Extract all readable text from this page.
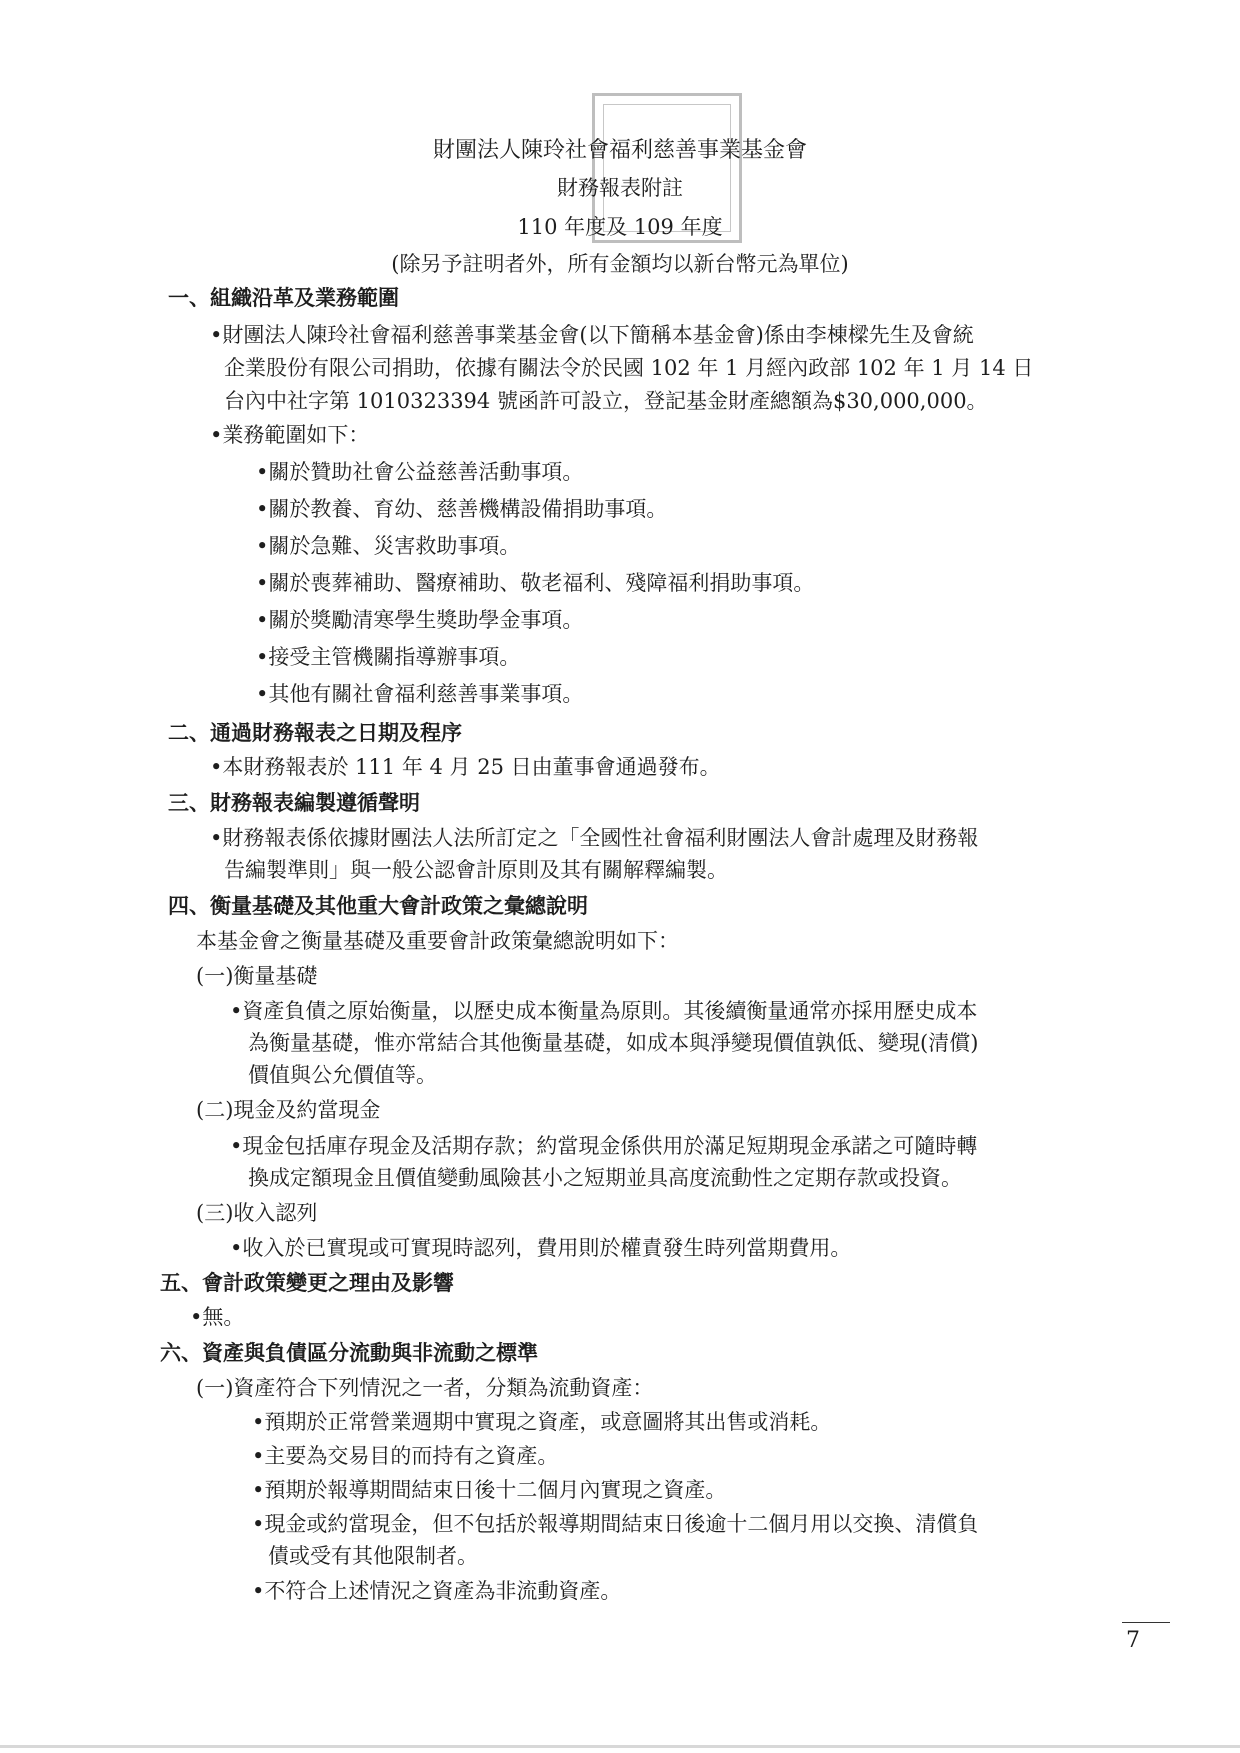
財團法人陳玲社會福利慈善事業基金會
財務報表附註
110 年度及 109 年度
(除另予註明者外，所有金額均以新台幣元為單位)
一、組織沿革及業務範圍
•財團法人陳玲社會福利慈善事業基金會(以下簡稱本基金會)係由李棟樑先生及會統
企業股份有限公司捐助，依據有關法令於民國 102 年 1 月經內政部 102 年 1 月 14 日
台內中社字第 1010323394 號函許可設立，登記基金財產總額為$30,000,000。
•業務範圍如下：
•關於贊助社會公益慈善活動事項。
•關於教養、育幼、慈善機構設備捐助事項。
•關於急難、災害救助事項。
•關於喪葬補助、醫療補助、敬老福利、殘障福利捐助事項。
•關於獎勵清寒學生獎助學金事項。
•接受主管機關指導辦事項。
•其他有關社會福利慈善事業事項。
二、通過財務報表之日期及程序
•本財務報表於 111 年 4 月 25 日由董事會通過發布。
三、財務報表編製遵循聲明
•財務報表係依據財團法人法所訂定之「全國性社會福利財團法人會計處理及財務報
告編製準則」與一般公認會計原則及其有關解釋編製。
四、衡量基礎及其他重大會計政策之彙總說明
本基金會之衡量基礎及重要會計政策彙總說明如下：
(一)衡量基礎
•資產負債之原始衡量，以歷史成本衡量為原則。其後續衡量通常亦採用歷史成本
為衡量基礎，惟亦常結合其他衡量基礎，如成本與淨變現價值孰低、變現(清償)
價值與公允價值等。
(二)現金及約當現金
•現金包括庫存現金及活期存款；約當現金係供用於滿足短期現金承諾之可隨時轉
換成定額現金且價值變動風險甚小之短期並具高度流動性之定期存款或投資。
(三)收入認列
•收入於已實現或可實現時認列，費用則於權責發生時列當期費用。
五、會計政策變更之理由及影響
•無。
六、資產與負債區分流動與非流動之標準
(一)資產符合下列情況之一者，分類為流動資產：
•預期於正常營業週期中實現之資產，或意圖將其出售或消耗。
•主要為交易目的而持有之資產。
•預期於報導期間結束日後十二個月內實現之資產。
•現金或約當現金，但不包括於報導期間結束日後逾十二個月用以交換、清償負
債或受有其他限制者。
•不符合上述情況之資產為非流動資產。
7
